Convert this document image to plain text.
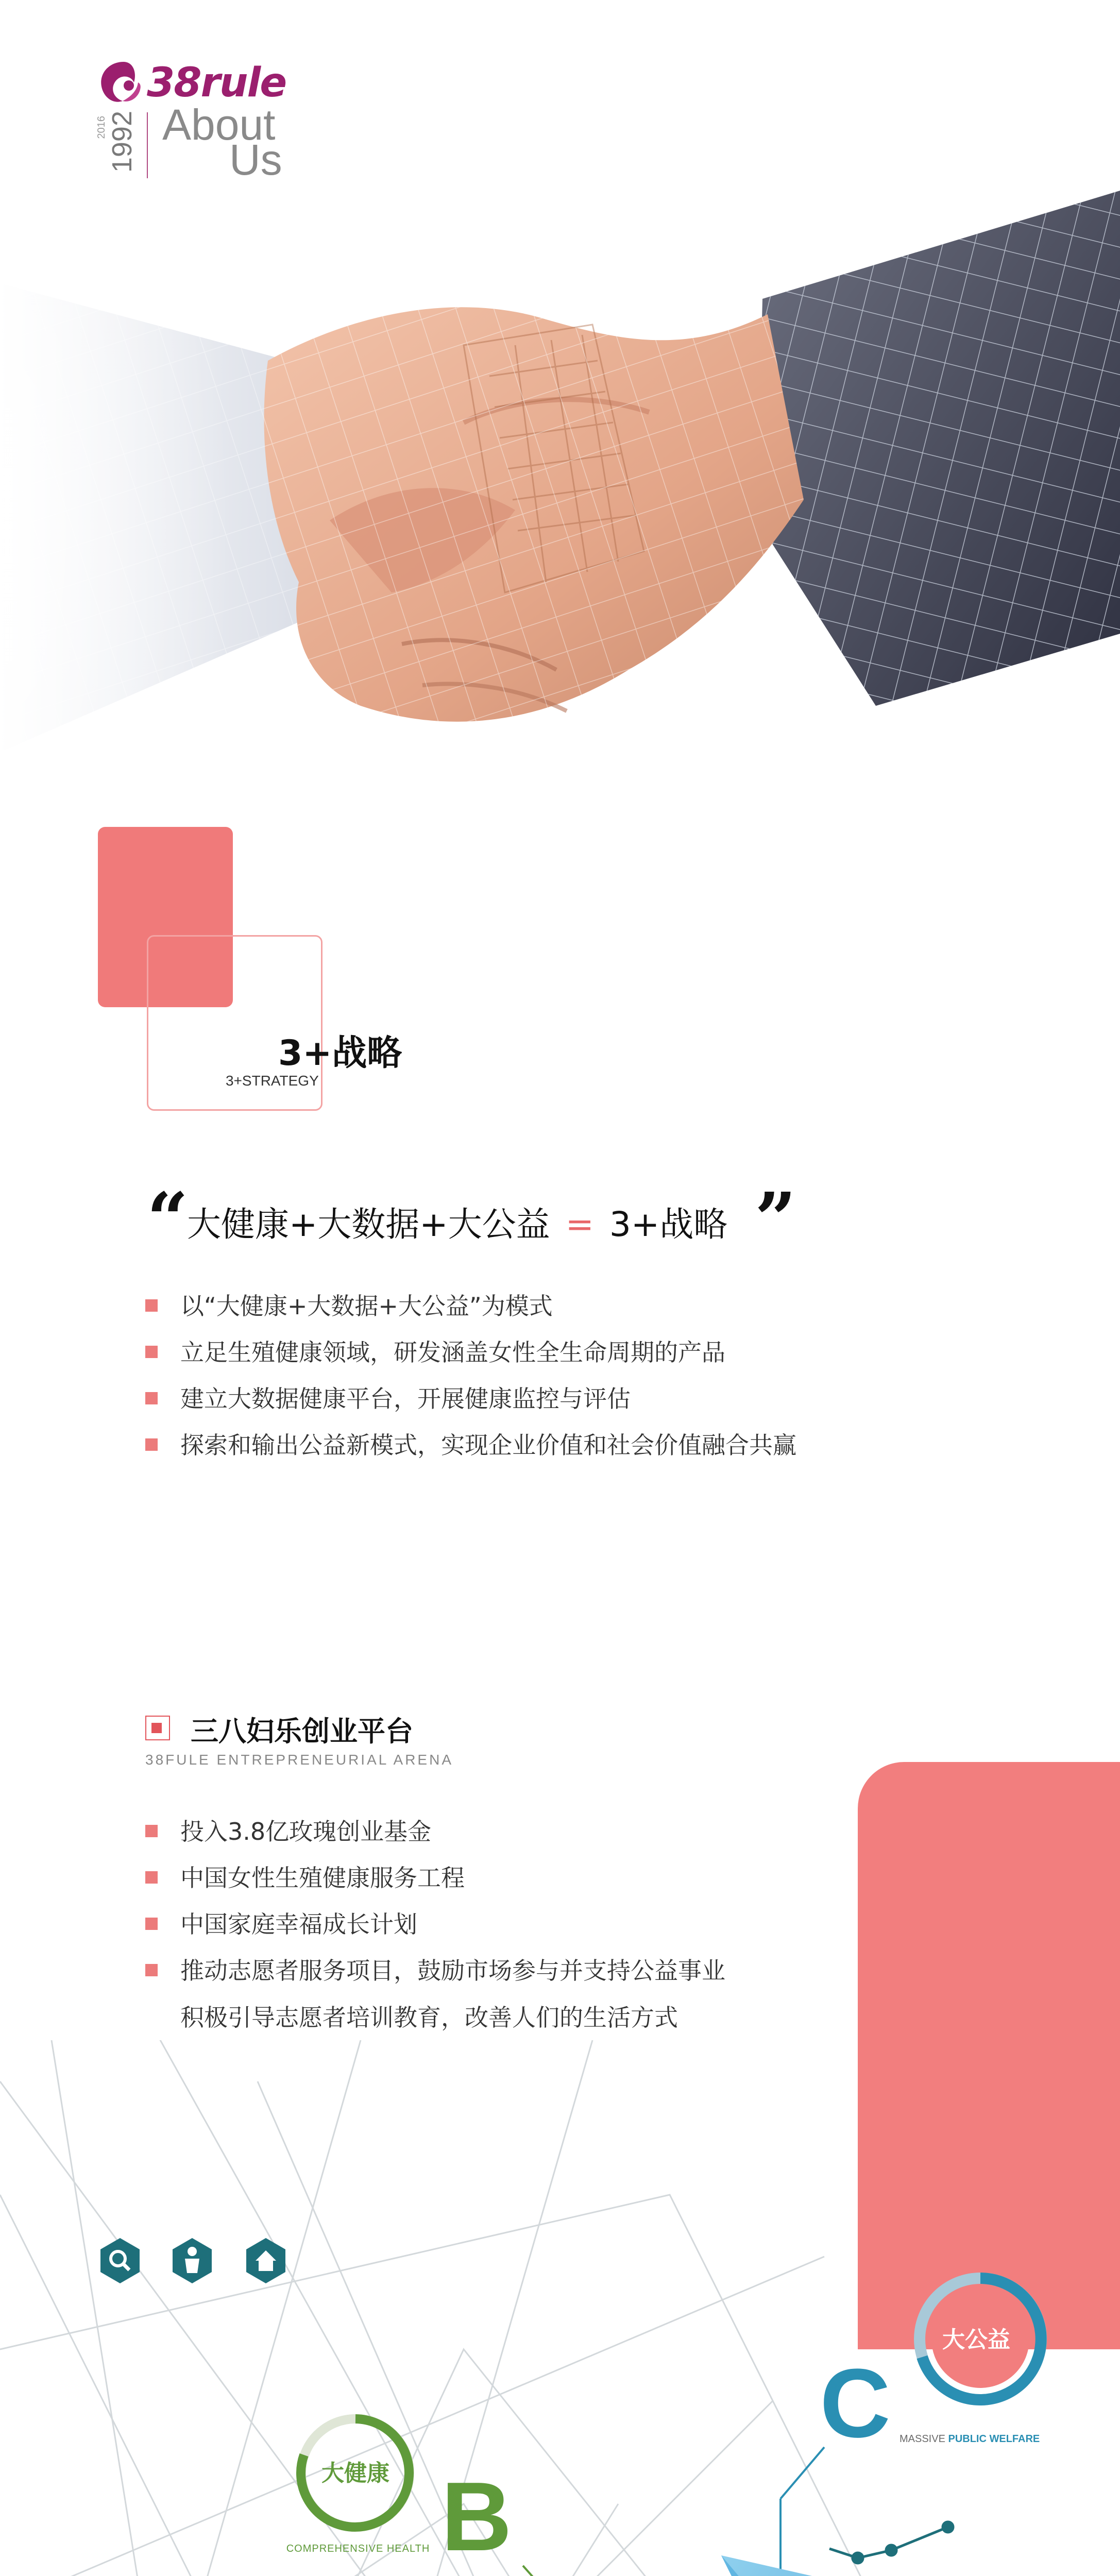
38rule
1992
2016 About
Us
3+战略
3+STRATEGY
“
大健康+大数据+大公益 = 3+战略 ”
以“大健康+大数据+大公益”为模式
立足生殖健康领域，研发涵盖女性全生命周期的产品
建立大数据健康平台，开展健康监控与评估
探索和输出公益新模式，实现企业价值和社会价值融合共赢
三八妇乐创业平台
38FULE ENTREPRENEURIAL ARENA
投入3.8亿玫瑰创业基金
中国女性生殖健康服务工程
中国家庭幸福成长计划
推动志愿者服务项目，鼓励市场参与并支持公益事业
积极引导志愿者培训教育，改善人们的生活方式
大公益
C MASSIVE PUBLIC WELFARE
大健康 B
COMPREHENSIVE HEALTH
